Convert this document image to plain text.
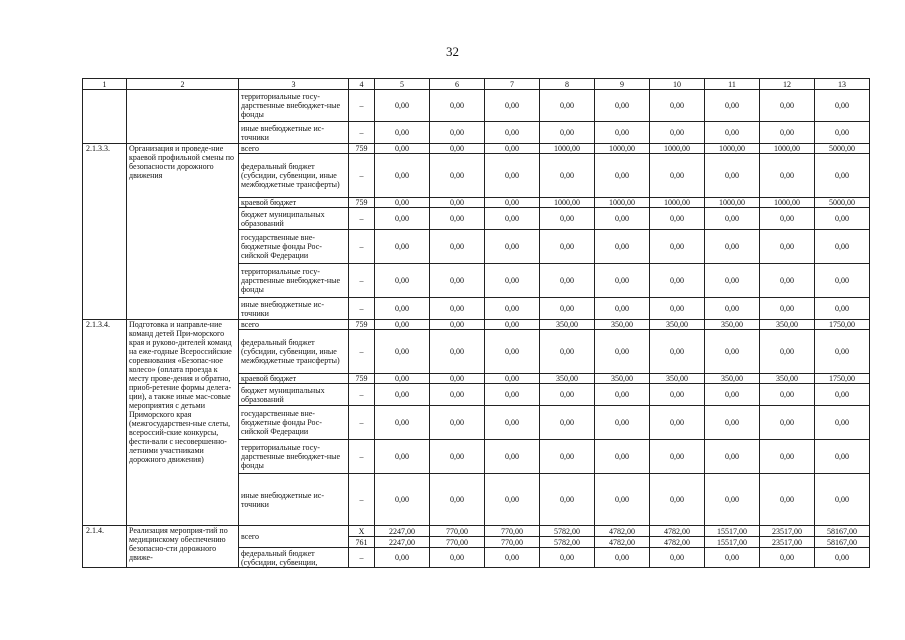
32
1	2	3	4	5	6	7	8	9	10	11	12	13
		территориальные госу-дарственные внебюджет-ные фонды	–	0,00	0,00	0,00	0,00	0,00	0,00	0,00	0,00	0,00
		иные внебюджетные ис-точники	–	0,00	0,00	0,00	0,00	0,00	0,00	0,00	0,00	0,00
2.1.3.3.	Организация и проведе-ние краевой профильной смены по безопасности дорожного движения	всего	759	0,00	0,00	0,00	1000,00	1000,00	1000,00	1000,00	1000,00	5000,00
		федеральный бюджет (субсидии, субвенции, иные межбюджетные трансферты)	–	0,00	0,00	0,00	0,00	0,00	0,00	0,00	0,00	0,00
		краевой бюджет	759	0,00	0,00	0,00	1000,00	1000,00	1000,00	1000,00	1000,00	5000,00
		бюджет муниципальных образований	–	0,00	0,00	0,00	0,00	0,00	0,00	0,00	0,00	0,00
		государственные вне-бюджетные фонды Рос-сийской Федерации	–	0,00	0,00	0,00	0,00	0,00	0,00	0,00	0,00	0,00
		территориальные госу-дарственные внебюджет-ные фонды	–	0,00	0,00	0,00	0,00	0,00	0,00	0,00	0,00	0,00
		иные внебюджетные ис-точники	–	0,00	0,00	0,00	0,00	0,00	0,00	0,00	0,00	0,00
2.1.3.4.	Подготовка и направле-ние команд детей При-морского края и руково-дителей команд на еже-годные Всероссийские соревнования «Безопас-ное колесо» (оплата проезда к месту прове-дения и обратно, приоб-ретение формы делега-ции), а также иные мас-совые мероприятия с детьми Приморского края (межгосударствен-ные слеты, всероссий-ские конкурсы, фести-вали с несовершенно-летними участниками дорожного движения)	всего	759	0,00	0,00	0,00	350,00	350,00	350,00	350,00	350,00	1750,00
		федеральный бюджет (субсидии, субвенции, иные межбюджетные трансферты)	–	0,00	0,00	0,00	0,00	0,00	0,00	0,00	0,00	0,00
		краевой бюджет	759	0,00	0,00	0,00	350,00	350,00	350,00	350,00	350,00	1750,00
		бюджет муниципальных образований	–	0,00	0,00	0,00	0,00	0,00	0,00	0,00	0,00	0,00
		государственные вне-бюджетные фонды Рос-сийской Федерации	–	0,00	0,00	0,00	0,00	0,00	0,00	0,00	0,00	0,00
		территориальные госу-дарственные внебюджет-ные фонды	–	0,00	0,00	0,00	0,00	0,00	0,00	0,00	0,00	0,00
		иные внебюджетные ис-точники	–	0,00	0,00	0,00	0,00	0,00	0,00	0,00	0,00	0,00
2.1.4.	Реализация мероприя-тий по медицинскому обеспечению безопасно-сти дорожного движе-	всего	X	2247,00	770,00	770,00	5782,00	4782,00	4782,00	15517,00	23517,00	58167,00
			761	2247,00	770,00	770,00	5782,00	4782,00	4782,00	15517,00	23517,00	58167,00
		федеральный бюджет (субсидии, субвенции,	–	0,00	0,00	0,00	0,00	0,00	0,00	0,00	0,00	0,00
